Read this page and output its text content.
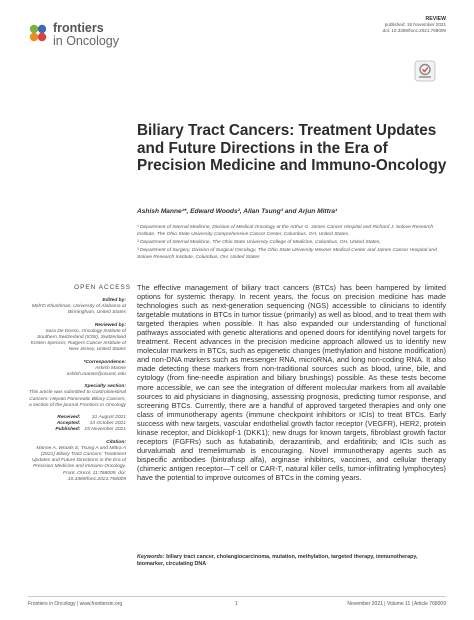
frontiers
in Oncology
REVIEW
published: 15 November 2021
doi: 10.3389/fonc.2021.768009
Biliary Tract Cancers: Treatment Updates and Future Directions in the Era of Precision Medicine and Immuno-Oncology
Ashish Manne¹*, Edward Woods², Allan Tsung³ and Arjun Mittra¹

¹ Department of Internal Medicine, Division of Medical Oncology at the Arthur G. James Cancer Hospital and Richard J. Solove Research Institute, The Ohio State University Comprehensive Cancer Center, Columbus, OH, United States,

² Department of Internal Medicine, The Ohio State University College of Medicine, Columbus, OH, United States,

³ Department of Surgery, Division of Surgical Oncology, The Ohio State University Wexner Medical Center and James Cancer Hospital and Solove Research Institute, Columbus, OH, United States

OPEN ACCESS
Edited by:
Moh'D Khushman, University of Alabama at Birmingham, United States
Reviewed by:
Sara De Dosso, Oncology Institute of Southern Switzerland (IOSI), Switzerland
Kristen Spencer, Rutgers Cancer Institute of New Jersey, United States
*Correspondence:
Ashish Manne
ashish.manne@osumc.edu
Specialty section:
This article was submitted to Gastrointestinal Cancers: Hepato Pancreatic Biliary Cancers, a section of the journal Frontiers in Oncology
Received:	31 August 2021
Accepted:	13 October 2021
Published: 15 November 2021
Citation:
Manne A, Woods E, Tsung A and Mittra A (2021) Biliary Tract Cancers: Treatment Updates and Future Directions in the Era of Precision Medicine and Immuno-Oncology. Front. Oncol. 11:768009. doi: 10.3389/fonc.2021.768009
The effective management of biliary tract cancers (BTCs) has been hampered by limited options for systemic therapy. In recent years, the focus on precision medicine has made technologies such as next-generation sequencing (NGS) accessible to clinicians to identify targetable mutations in BTCs in tumor tissue (primarily) as well as blood, and to treat them with targeted therapies when possible. It has also expanded our understanding of functional pathways associated with genetic alterations and opened doors for identifying novel targets for treatment. Recent advances in the precision medicine approach allowed us to identify new molecular markers in BTCs, such as epigenetic changes (methylation and histone modification) and non-DNA markers such as messenger RNA, microRNA, and long non-coding RNA. It also made detecting these markers from non-traditional sources such as blood, urine, bile, and cytology (from fine-needle aspiration and biliary brushings) possible. As these tests become more accessible, we can see the integration of different molecular markers from all available sources to aid physicians in diagnosing, assessing prognosis, predicting tumor response, and screening BTCs. Currently, there are a handful of approved targeted therapies and only one class of immunotherapy agents (immune checkpoint inhibitors or ICIs) to treat BTCs. Early success with new targets, vascular endothelial growth factor receptor (VEGFR), HER2, protein kinase receptor, and Dickkopf-1 (DKK1); new drugs for known targets, fibroblast growth factor receptors (FGFRs) such as futabatinib, derazantinib, and erdafitinib; and ICIs such as durvalumab and tremelimumab is encouraging. Novel immunotherapy agents such as bispecific antibodies (bintrafusp alfa), arginase inhibitors, vaccines, and cellular therapy (chimeric antigen receptor—T cell or CAR-T, natural killer cells, tumor-infiltrating lymphocytes) have the potential to improve outcomes of BTCs in the coming years.
Keywords: biliary tract cancer, cholangiocarcinoma, mutation, methylation, targeted therapy, immunotherapy, biomarker, circulating DNA
Frontiers in Oncology | www.frontiersin.org	1	November 2021 | Volume 11 | Article 768009
